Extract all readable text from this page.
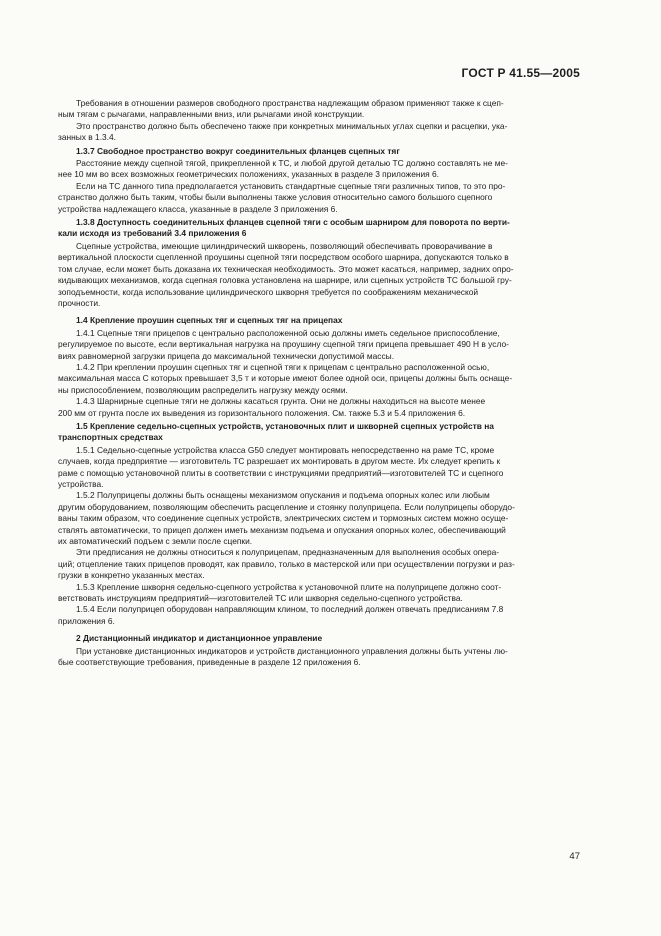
ГОСТ Р 41.55—2005

Требования в отношении размеров свободного пространства надлежащим образом применяют также к сцеп-
ным тягам с рычагами, направленными вниз, или рычагами иной конструкции.

Это пространство должно быть обеспечено также при конкретных минимальных углах сцепки и расцепки, ука-
занных в 1.3.4.

1.3.7 Свободное пространство вокруг соединительных фланцев сцепных тяг

Расстояние между сцепной тягой, прикрепленной к ТС, и любой другой деталью ТС должно составлять не ме-
нее 10 мм во всех возможных геометрических положениях, указанных в разделе 3 приложения 6.

Если на ТС данного типа предполагается установить стандартные сцепные тяги различных типов, то это про-
странство должно быть таким, чтобы были выполнены также условия относительно самого большого сцепного
устройства надлежащего класса, указанные в разделе 3 приложения 6.

1.3.8 Доступность соединительных фланцев сцепной тяги с особым шарниром для поворота по верти-
кали исходя из требований 3.4 приложения 6

Сцепные устройства, имеющие цилиндрический шкворень, позволяющий обеспечивать проворачивание в
вертикальной плоскости сцепленной проушины сцепной тяги посредством особого шарнира, допускаются только в
том случае, если может быть доказана их техническая необходимость. Это может касаться, например, задних опро-
кидывающих механизмов, когда сцепная головка установлена на шарнире, или сцепных устройств ТС большой гру-
зоподъемности, когда использование цилиндрического шкворня требуется по соображениям механической
прочности.

1.4 Крепление проушин сцепных тяг и сцепных тяг на прицепах

1.4.1 Сцепные тяги прицепов с центрально расположенной осью должны иметь седельное приспособление,
регулируемое по высоте, если вертикальная нагрузка на проушину сцепной тяги прицепа превышает 490 Н в усло-
виях равномерной загрузки прицепа до максимальной технически допустимой массы.

1.4.2 При креплении проушин сцепных тяг и сцепной тяги к прицепам с центрально расположенной осью,
максимальная масса С которых превышает 3,5 т и которые имеют более одной оси, прицепы должны быть оснаще-
ны приспособлением, позволяющим распределить нагрузку между осями.

1.4.3 Шарнирные сцепные тяги не должны касаться грунта. Они не должны находиться на высоте менее
200 мм от грунта после их выведения из горизонтального положения. См. также 5.3 и 5.4 приложения 6.

1.5 Крепление седельно-сцепных устройств, установочных плит и шкворней сцепных устройств на
транспортных средствах

1.5.1 Седельно-сцепные устройства класса G50 следует монтировать непосредственно на раме ТС, кроме
случаев, когда предприятие — изготовитель ТС разрешает их монтировать в другом месте. Их следует крепить к
раме с помощью установочной плиты в соответствии с инструкциями предприятий—изготовителей ТС и сцепного
устройства.

1.5.2 Полуприцепы должны быть оснащены механизмом опускания и подъема опорных колес или любым
другим оборудованием, позволяющим обеспечить расцепление и стоянку полуприцепа. Если полуприцепы оборудо-
ваны таким образом, что соединение сцепных устройств, электрических систем и тормозных систем можно осуще-
ствлять автоматически, то прицеп должен иметь механизм подъема и опускания опорных колес, обеспечивающий
их автоматический подъем с земли после сцепки.

Эти предписания не должны относиться к полуприцепам, предназначенным для выполнения особых опера-
ций; отцепление таких прицепов проводят, как правило, только в мастерской или при осуществлении погрузки и раз-
грузки в конкретно указанных местах.

1.5.3 Крепление шкворня седельно-сцепного устройства к установочной плите на полуприцепе должно соот-
ветствовать инструкциям предприятий—изготовителей ТС или шкворня седельно-сцепного устройства.

1.5.4 Если полуприцеп оборудован направляющим клином, то последний должен отвечать предписаниям 7.8
приложения 6.

2 Дистанционный индикатор и дистанционное управление

При установке дистанционных индикаторов и устройств дистанционного управления должны быть учтены лю-
бые соответствующие требования, приведенные в разделе 12 приложения 6.

47
